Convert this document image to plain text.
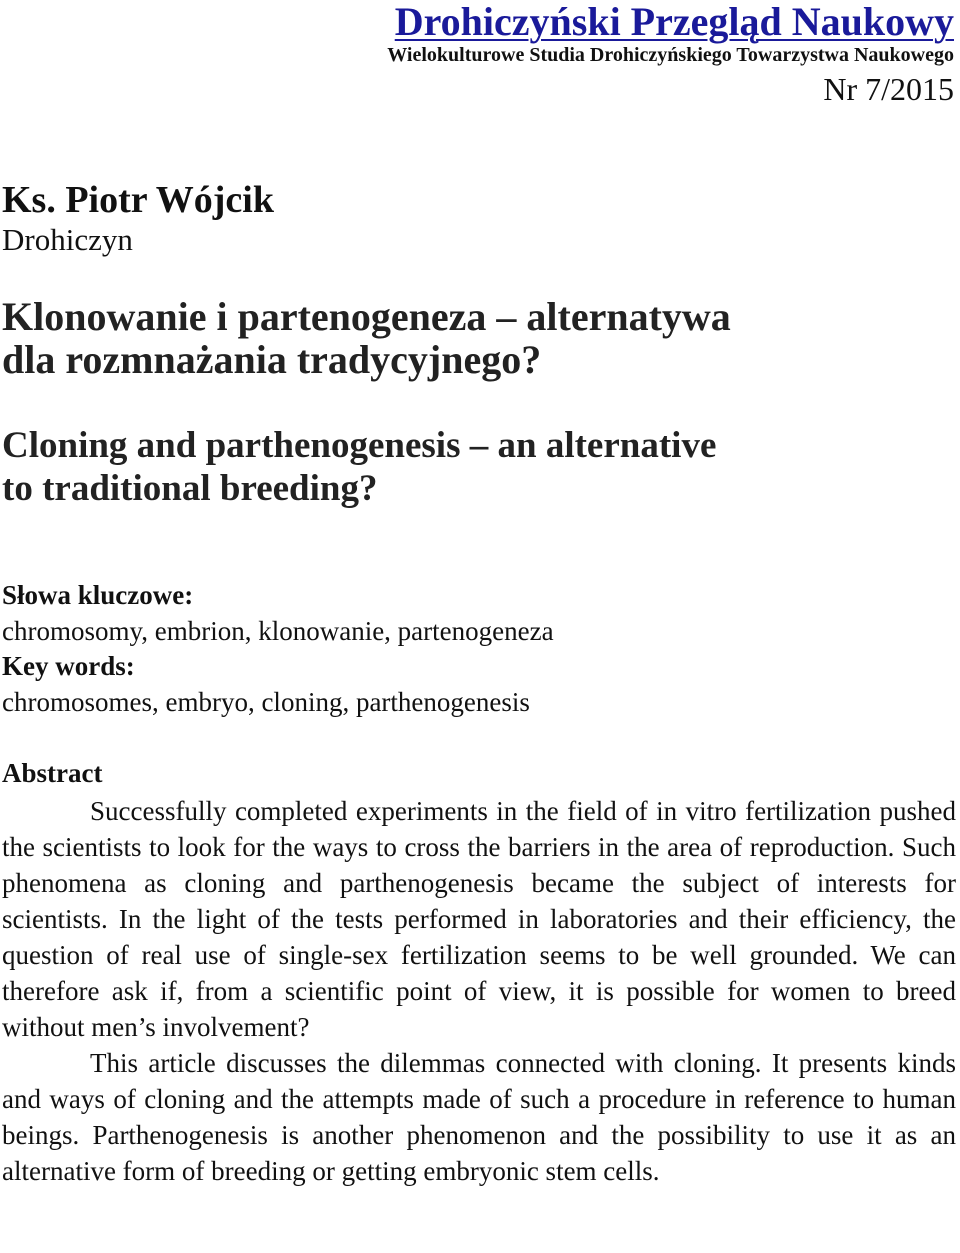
Drohiczyński Przegląd Naukowy

Wielokulturowe Studia Drohiczyńskiego Towarzystwa Naukowego

Nr 7/2015

Ks. Piotr Wójcik

Drohiczyn

Klonowanie i partenogeneza – alternatywa
dla rozmnażania tradycyjnego?
Cloning and parthenogenesis – an alternative
to traditional breeding?

Słowa kluczowe:

chromosomy, embrion, klonowanie, partenogeneza

Key words:

chromosomes, embryo, cloning, parthenogenesis

Abstract

Successfully completed experiments in the field of in vitro fertilization pushed the scientists to look for the ways to cross the barriers in the area of reproduction. Such phenomena as cloning and parthenogenesis became the subject of interests for scientists. In the light of the tests performed in laboratories and their efficiency, the question of real use of single-sex fertilization seems to be well grounded. We can therefore ask if, from a scientific point of view, it is possible for women to breed without men’s involvement?

This article discusses the dilemmas connected with cloning. It presents kinds and ways of cloning and the attempts made of such a procedure in reference to human beings. Parthenogenesis is another phenomenon and the possibility to use it as an alternative form of breeding or getting embryonic stem cells.
